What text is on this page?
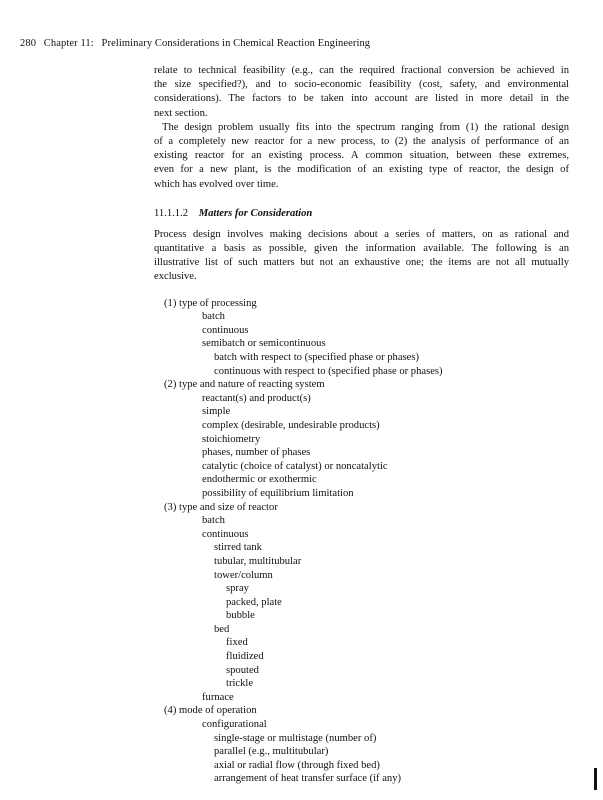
280 Chapter 11: Preliminary Considerations in Chemical Reaction Engineering

relate to technical feasibility (e.g., can the required fractional conversion be achieved in
the size specified?), and to socio-economic feasibility (cost, safety, and environmental
considerations). The factors to be taken into account are listed in more detail in the
next section.

The design problem usually fits into the spectrum ranging from (1) the rational design
of a completely new reactor for a new process, to (2) the analysis of performance of an
existing reactor for an existing process. A common situation, between these extremes,
even for a new plant, is the modification of an existing type of reactor, the design of
which has evolved over time.

11.1.1.2 Matters for Consideration

Process design involves making decisions about a series of matters, on as rational and
quantitative a basis as possible, given the information available. The following is an
illustrative list of such matters but not an exhaustive one; the items are not all mutually
exclusive.

(1) type of processing
batch
continuous
semibatch or semicontinuous
batch with respect to (specified phase or phases)
continuous with respect to (specified phase or phases)
(2) type and nature of reacting system
reactant(s) and product(s)
simple
complex (desirable, undesirable products)
stoichiometry
phases, number of phases
catalytic (choice of catalyst) or noncatalytic
endothermic or exothermic
possibility of equilibrium limitation
(3) type and size of reactor
batch
continuous
stirred tank
tubular, multitubular
tower/column
spray
packed, plate
bubble
bed
fixed
fluidized
spouted
trickle
furnace
(4) mode of operation
configurational
single-stage or multistage (number of)
parallel (e.g., multitubular)
axial or radial flow (through fixed bed)
arrangement of heat transfer surface (if any)
